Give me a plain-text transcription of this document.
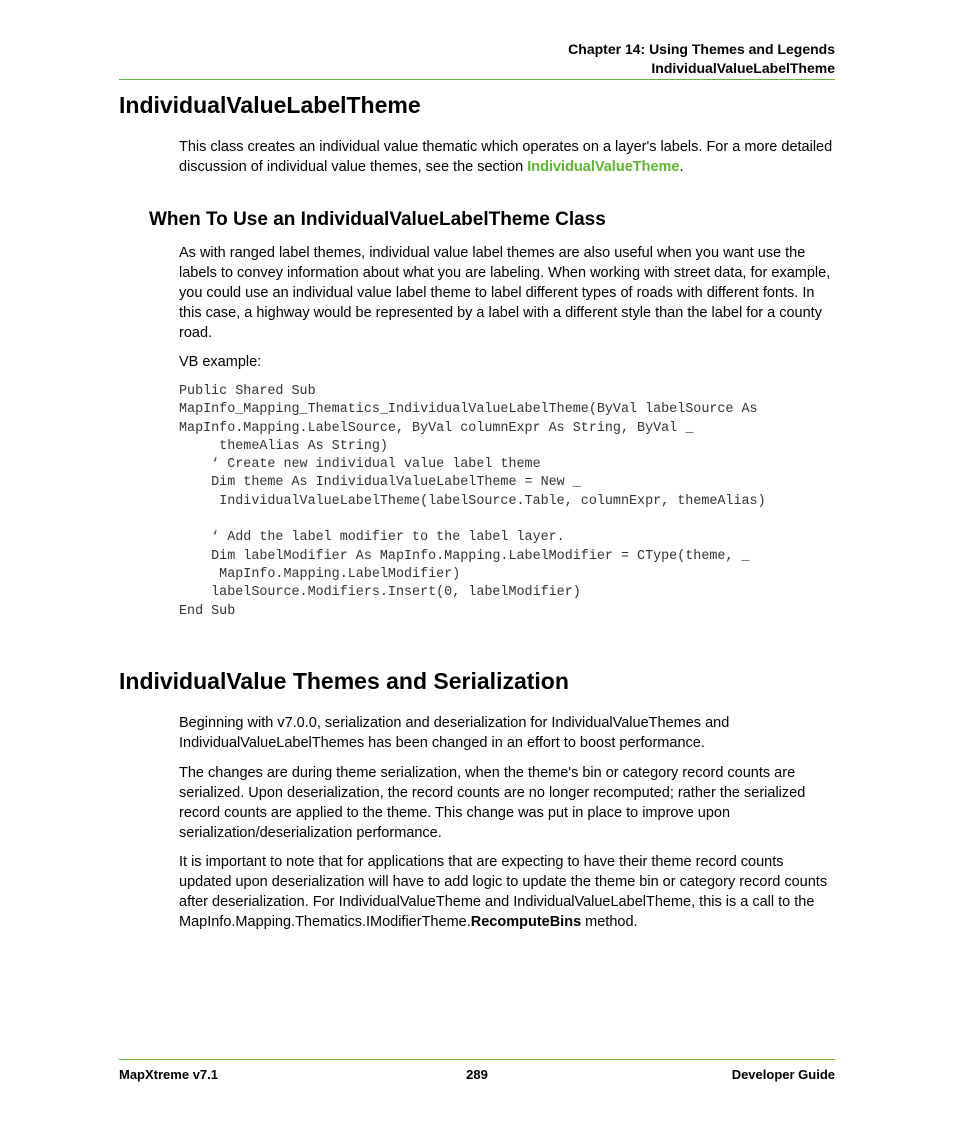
Chapter 14: Using Themes and Legends
IndividualValueLabelTheme
IndividualValueLabelTheme

This class creates an individual value thematic which operates on a layer's labels. For a more detailed discussion of individual value themes, see the section IndividualValueTheme.

When To Use an IndividualValueLabelTheme Class

As with ranged label themes, individual value label themes are also useful when you want use the labels to convey information about what you are labeling. When working with street data, for example, you could use an individual value label theme to label different types of roads with different fonts. In this case, a highway would be represented by a label with a different style than the label for a county road.

VB example:

Public Shared Sub
MapInfo_Mapping_Thematics_IndividualValueLabelTheme(ByVal labelSource As
MapInfo.Mapping.LabelSource, ByVal columnExpr As String, ByVal _
themeAlias As String)
‘ Create new individual value label theme
Dim theme As IndividualValueLabelTheme = New _
IndividualValueLabelTheme(labelSource.Table, columnExpr, themeAlias)

‘ Add the label modifier to the label layer.
Dim labelModifier As MapInfo.Mapping.LabelModifier = CType(theme, _
MapInfo.Mapping.LabelModifier)
labelSource.Modifiers.Insert(0, labelModifier)
End Sub
IndividualValue Themes and Serialization

Beginning with v7.0.0, serialization and deserialization for IndividualValueThemes and IndividualValueLabelThemes has been changed in an effort to boost performance.

The changes are during theme serialization, when the theme's bin or category record counts are serialized. Upon deserialization, the record counts are no longer recomputed; rather the serialized record counts are applied to the theme. This change was put in place to improve upon serialization/deserialization performance.

It is important to note that for applications that are expecting to have their theme record counts updated upon deserialization will have to add logic to update the theme bin or category record counts after deserialization. For IndividualValueTheme and IndividualValueLabelTheme, this is a call to the MapInfo.Mapping.Thematics.IModifierTheme.RecomputeBins method.

MapXtreme v7.1	289	Developer Guide
